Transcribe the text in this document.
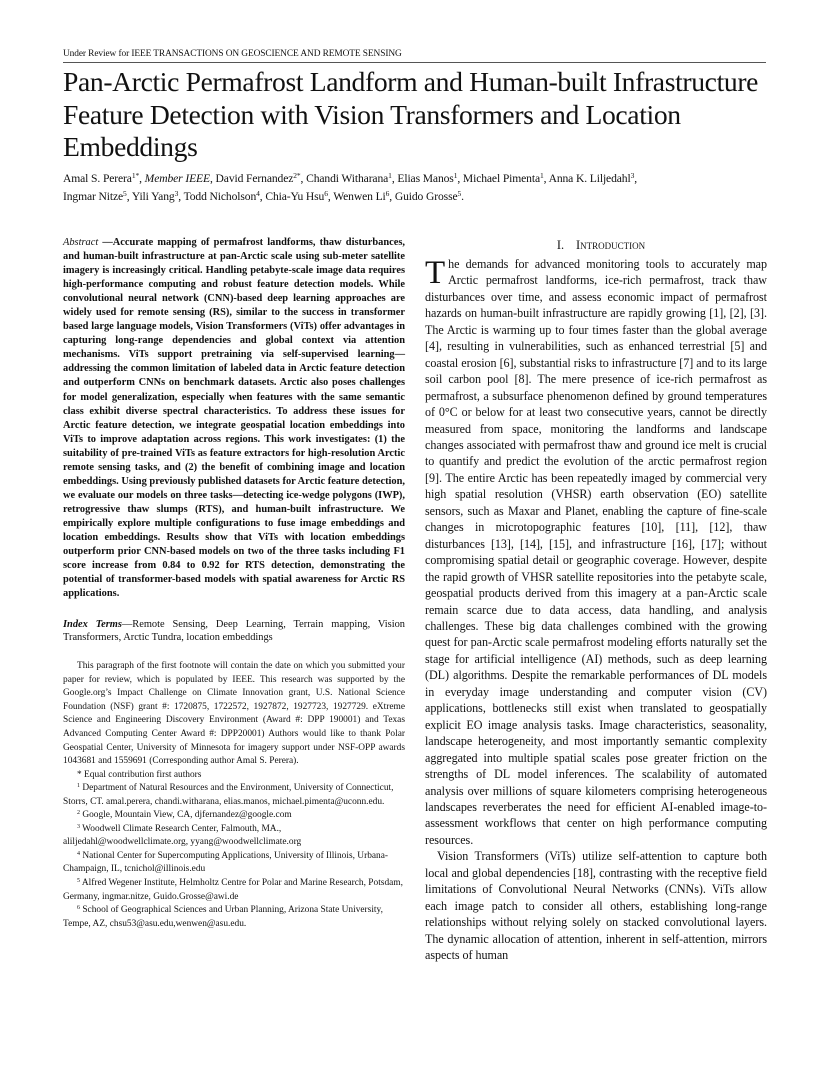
Under Review for IEEE TRANSACTIONS ON GEOSCIENCE AND REMOTE SENSING
Pan-Arctic Permafrost Landform and Human-built Infrastructure Feature Detection with Vision Transformers and Location Embeddings
Amal S. Perera$^{1*}$, Member IEEE, David Fernandez$^{2*}$, Chandi Witharana$^1$, Elias Manos$^1$, Michael Pimenta$^1$, Anna K. Liljedahl$^3$,
Ingmar Nitze$^5$, Yili Yang$^3$, Todd Nicholson$^4$, Chia-Yu Hsu$^6$, Wenwen Li$^6$, Guido Grosse$^5$.

Abstract —Accurate mapping of permafrost landforms, thaw disturbances, and human-built infrastructure at pan-Arctic scale using sub-meter satellite imagery is increasingly critical. Handling petabyte-scale image data requires high-performance computing and robust feature detection models. While convolutional neural network (CNN)-based deep learning approaches are widely used for remote sensing (RS), similar to the success in transformer based large language models, Vision Transformers (ViTs) offer advantages in capturing long-range dependencies and global context via attention mechanisms. ViTs support pretraining via self-supervised learning—addressing the common limitation of labeled data in Arctic feature detection and outperform CNNs on benchmark datasets. Arctic also poses challenges for model generalization, especially when features with the same semantic class exhibit diverse spectral characteristics. To address these issues for Arctic feature detection, we integrate geospatial location embeddings into ViTs to improve adaptation across regions. This work investigates: (1) the suitability of pre-trained ViTs as feature extractors for high-resolution Arctic remote sensing tasks, and (2) the benefit of combining image and location embeddings. Using previously published datasets for Arctic feature detection, we evaluate our models on three tasks—detecting ice-wedge polygons (IWP), retrogressive thaw slumps (RTS), and human-built infrastructure. We empirically explore multiple configurations to fuse image embeddings and location embeddings. Results show that ViTs with location embeddings outperform prior CNN-based models on two of the three tasks including F1 score increase from 0.84 to 0.92 for RTS detection, demonstrating the potential of transformer-based models with spatial awareness for Arctic RS applications.

Index Terms—Remote Sensing, Deep Learning, Terrain mapping, Vision Transformers, Arctic Tundra, location embeddings

This paragraph of the first footnote will contain the date on which you submitted your paper for review, which is populated by IEEE. This research was supported by the Google.org’s Impact Challenge on Climate Innovation grant, U.S. National Science Foundation (NSF) grant #: 1720875, 1722572, 1927872, 1927723, 1927729. eXtreme Science and Engineering Discovery Environment (Award #: DPP 190001) and Texas Advanced Computing Center Award #: DPP20001) Authors would like to thank Polar Geospatial Center, University of Minnesota for imagery support under NSF-OPP awards 1043681 and 1559691 (Corresponding author Amal S. Perera).

* Equal contribution first authors

$^1$ Department of Natural Resources and the Environment, University of Connecticut, Storrs, CT. amal.perera, chandi.witharana, elias.manos, michael.pimenta@uconn.edu.

$^2$ Google, Mountain View, CA, djfernandez@google.com

$^3$ Woodwell Climate Research Center, Falmouth, MA., aliljedahl@woodwellclimate.org, yyang@woodwellclimate.org

$^4$ National Center for Supercomputing Applications, University of Illinois, Urbana-Champaign, IL, tcnichol@illinois.edu

$^5$ Alfred Wegener Institute, Helmholtz Centre for Polar and Marine Research, Potsdam, Germany, ingmar.nitze, Guido.Grosse@awi.de

$^6$ School of Geographical Sciences and Urban Planning, Arizona State University, Tempe, AZ, chsu53@asu.edu,wenwen@asu.edu.

I. Introduction

The demands for advanced monitoring tools to accurately map Arctic permafrost landforms, ice-rich permafrost, track thaw disturbances over time, and assess economic impact of permafrost hazards on human-built infrastructure are rapidly growing [1], [2], [3]. The Arctic is warming up to four times faster than the global average [4], resulting in vulnerabilities, such as enhanced terrestrial [5] and coastal erosion [6], substantial risks to infrastructure [7] and to its large soil carbon pool [8]. The mere presence of ice-rich permafrost as permafrost, a subsurface phenomenon defined by ground temperatures of 0°C or below for at least two consecutive years, cannot be directly measured from space, monitoring the landforms and landscape changes associated with permafrost thaw and ground ice melt is crucial to quantify and predict the evolution of the arctic permafrost region [9]. The entire Arctic has been repeatedly imaged by commercial very high spatial resolution (VHSR) earth observation (EO) satellite sensors, such as Maxar and Planet, enabling the capture of fine-scale changes in microtopographic features [10], [11], [12], thaw disturbances [13], [14], [15], and infrastructure [16], [17]; without compromising spatial detail or geographic coverage. However, despite the rapid growth of VHSR satellite repositories into the petabyte scale, geospatial products derived from this imagery at a pan-Arctic scale remain scarce due to data access, data handling, and analysis challenges. These big data challenges combined with the growing quest for pan-Arctic scale permafrost modeling efforts naturally set the stage for artificial intelligence (AI) methods, such as deep learning (DL) algorithms. Despite the remarkable performances of DL models in everyday image understanding and computer vision (CV) applications, bottlenecks still exist when translated to geospatially explicit EO image analysis tasks. Image characteristics, seasonality, landscape heterogeneity, and most importantly semantic complexity aggregated into multiple spatial scales pose greater friction on the strengths of DL model inferences. The scalability of automated analysis over millions of square kilometers comprising heterogeneous landscapes reverberates the need for efficient AI-enabled image-to-assessment workflows that center on high performance computing resources.

Vision Transformers (ViTs) utilize self-attention to capture both local and global dependencies [18], contrasting with the receptive field limitations of Convolutional Neural Networks (CNNs). ViTs allow each image patch to consider all others, establishing long-range relationships without relying solely on stacked convolutional layers. The dynamic allocation of attention, inherent in self-attention, mirrors aspects of human
